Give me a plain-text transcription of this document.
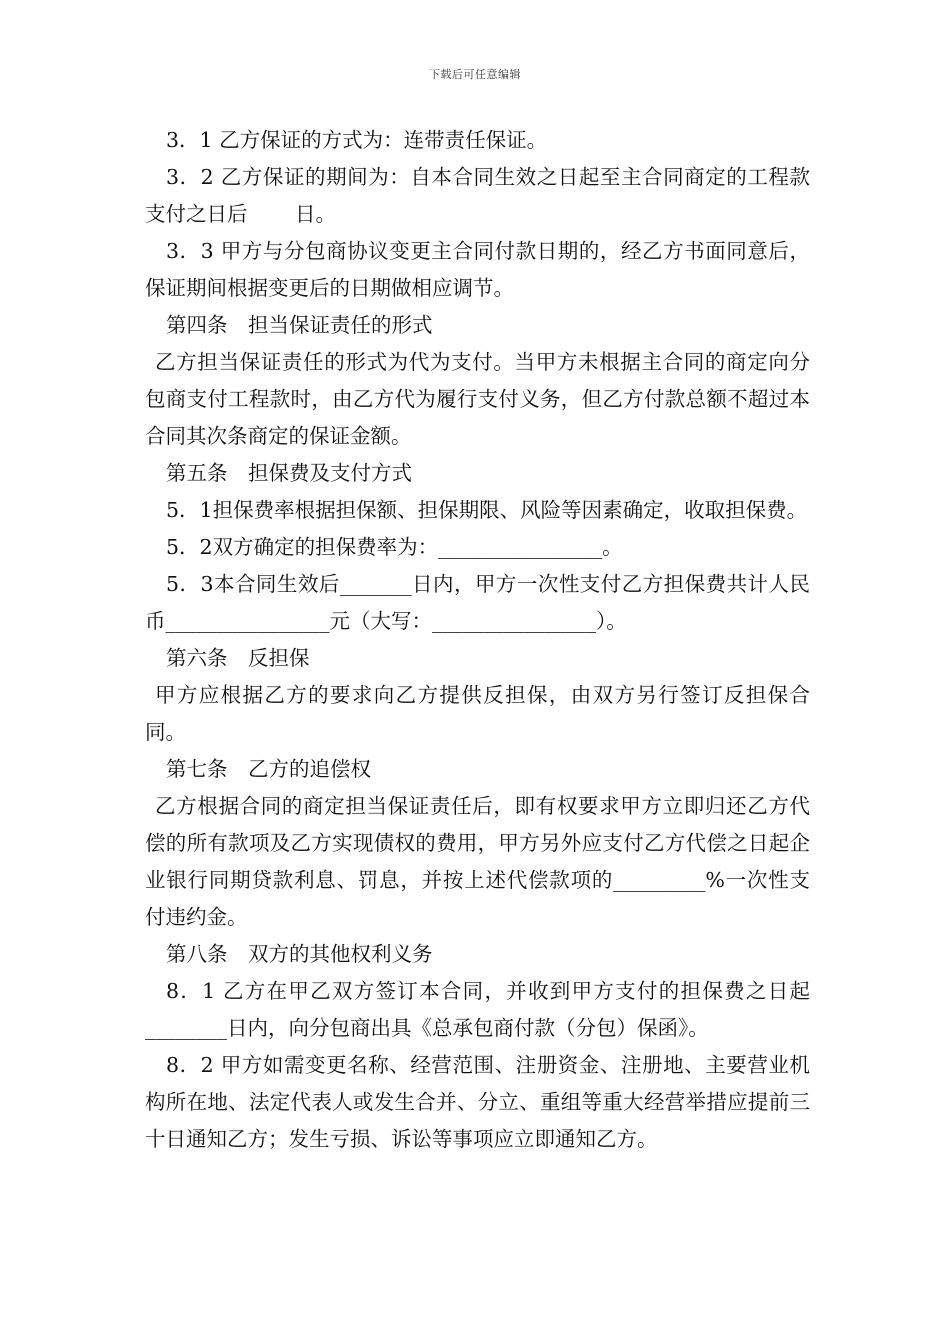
下载后可任意编辑

3．1 乙方保证的方式为：连带责任保证。

3．2 乙方保证的期间为：自本合同生效之日起至主合同商定的工程款支付之日后　　 日。

3．3 甲方与分包商协议变更主合同付款日期的，经乙方书面同意后，保证期间根据变更后的日期做相应调节。

第四条　担当保证责任的形式

乙方担当保证责任的形式为代为支付。当甲方未根据主合同的商定向分包商支付工程款时，由乙方代为履行支付义务，但乙方付款总额不超过本合同其次条商定的保证金额。

第五条　担保费及支付方式

5．1担保费率根据担保额、担保期限、风险等因素确定，收取担保费。

5．2双方确定的担保费率为：________________。

5．3本合同生效后_______日内，甲方一次性支付乙方担保费共计人民币________________元（大写：________________）。

第六条　反担保

甲方应根据乙方的要求向乙方提供反担保，由双方另行签订反担保合同。

第七条　乙方的追偿权

乙方根据合同的商定担当保证责任后，即有权要求甲方立即归还乙方代偿的所有款项及乙方实现债权的费用，甲方另外应支付乙方代偿之日起企业银行同期贷款利息、罚息，并按上述代偿款项的_________%一次性支付违约金。

第八条　双方的其他权利义务

8．1 乙方在甲乙双方签订本合同，并收到甲方支付的担保费之日起________日内，向分包商出具《总承包商付款（分包）保函》。

8．2 甲方如需变更名称、经营范围、注册资金、注册地、主要营业机构所在地、法定代表人或发生合并、分立、重组等重大经营举措应提前三十日通知乙方；发生亏损、诉讼等事项应立即通知乙方。
